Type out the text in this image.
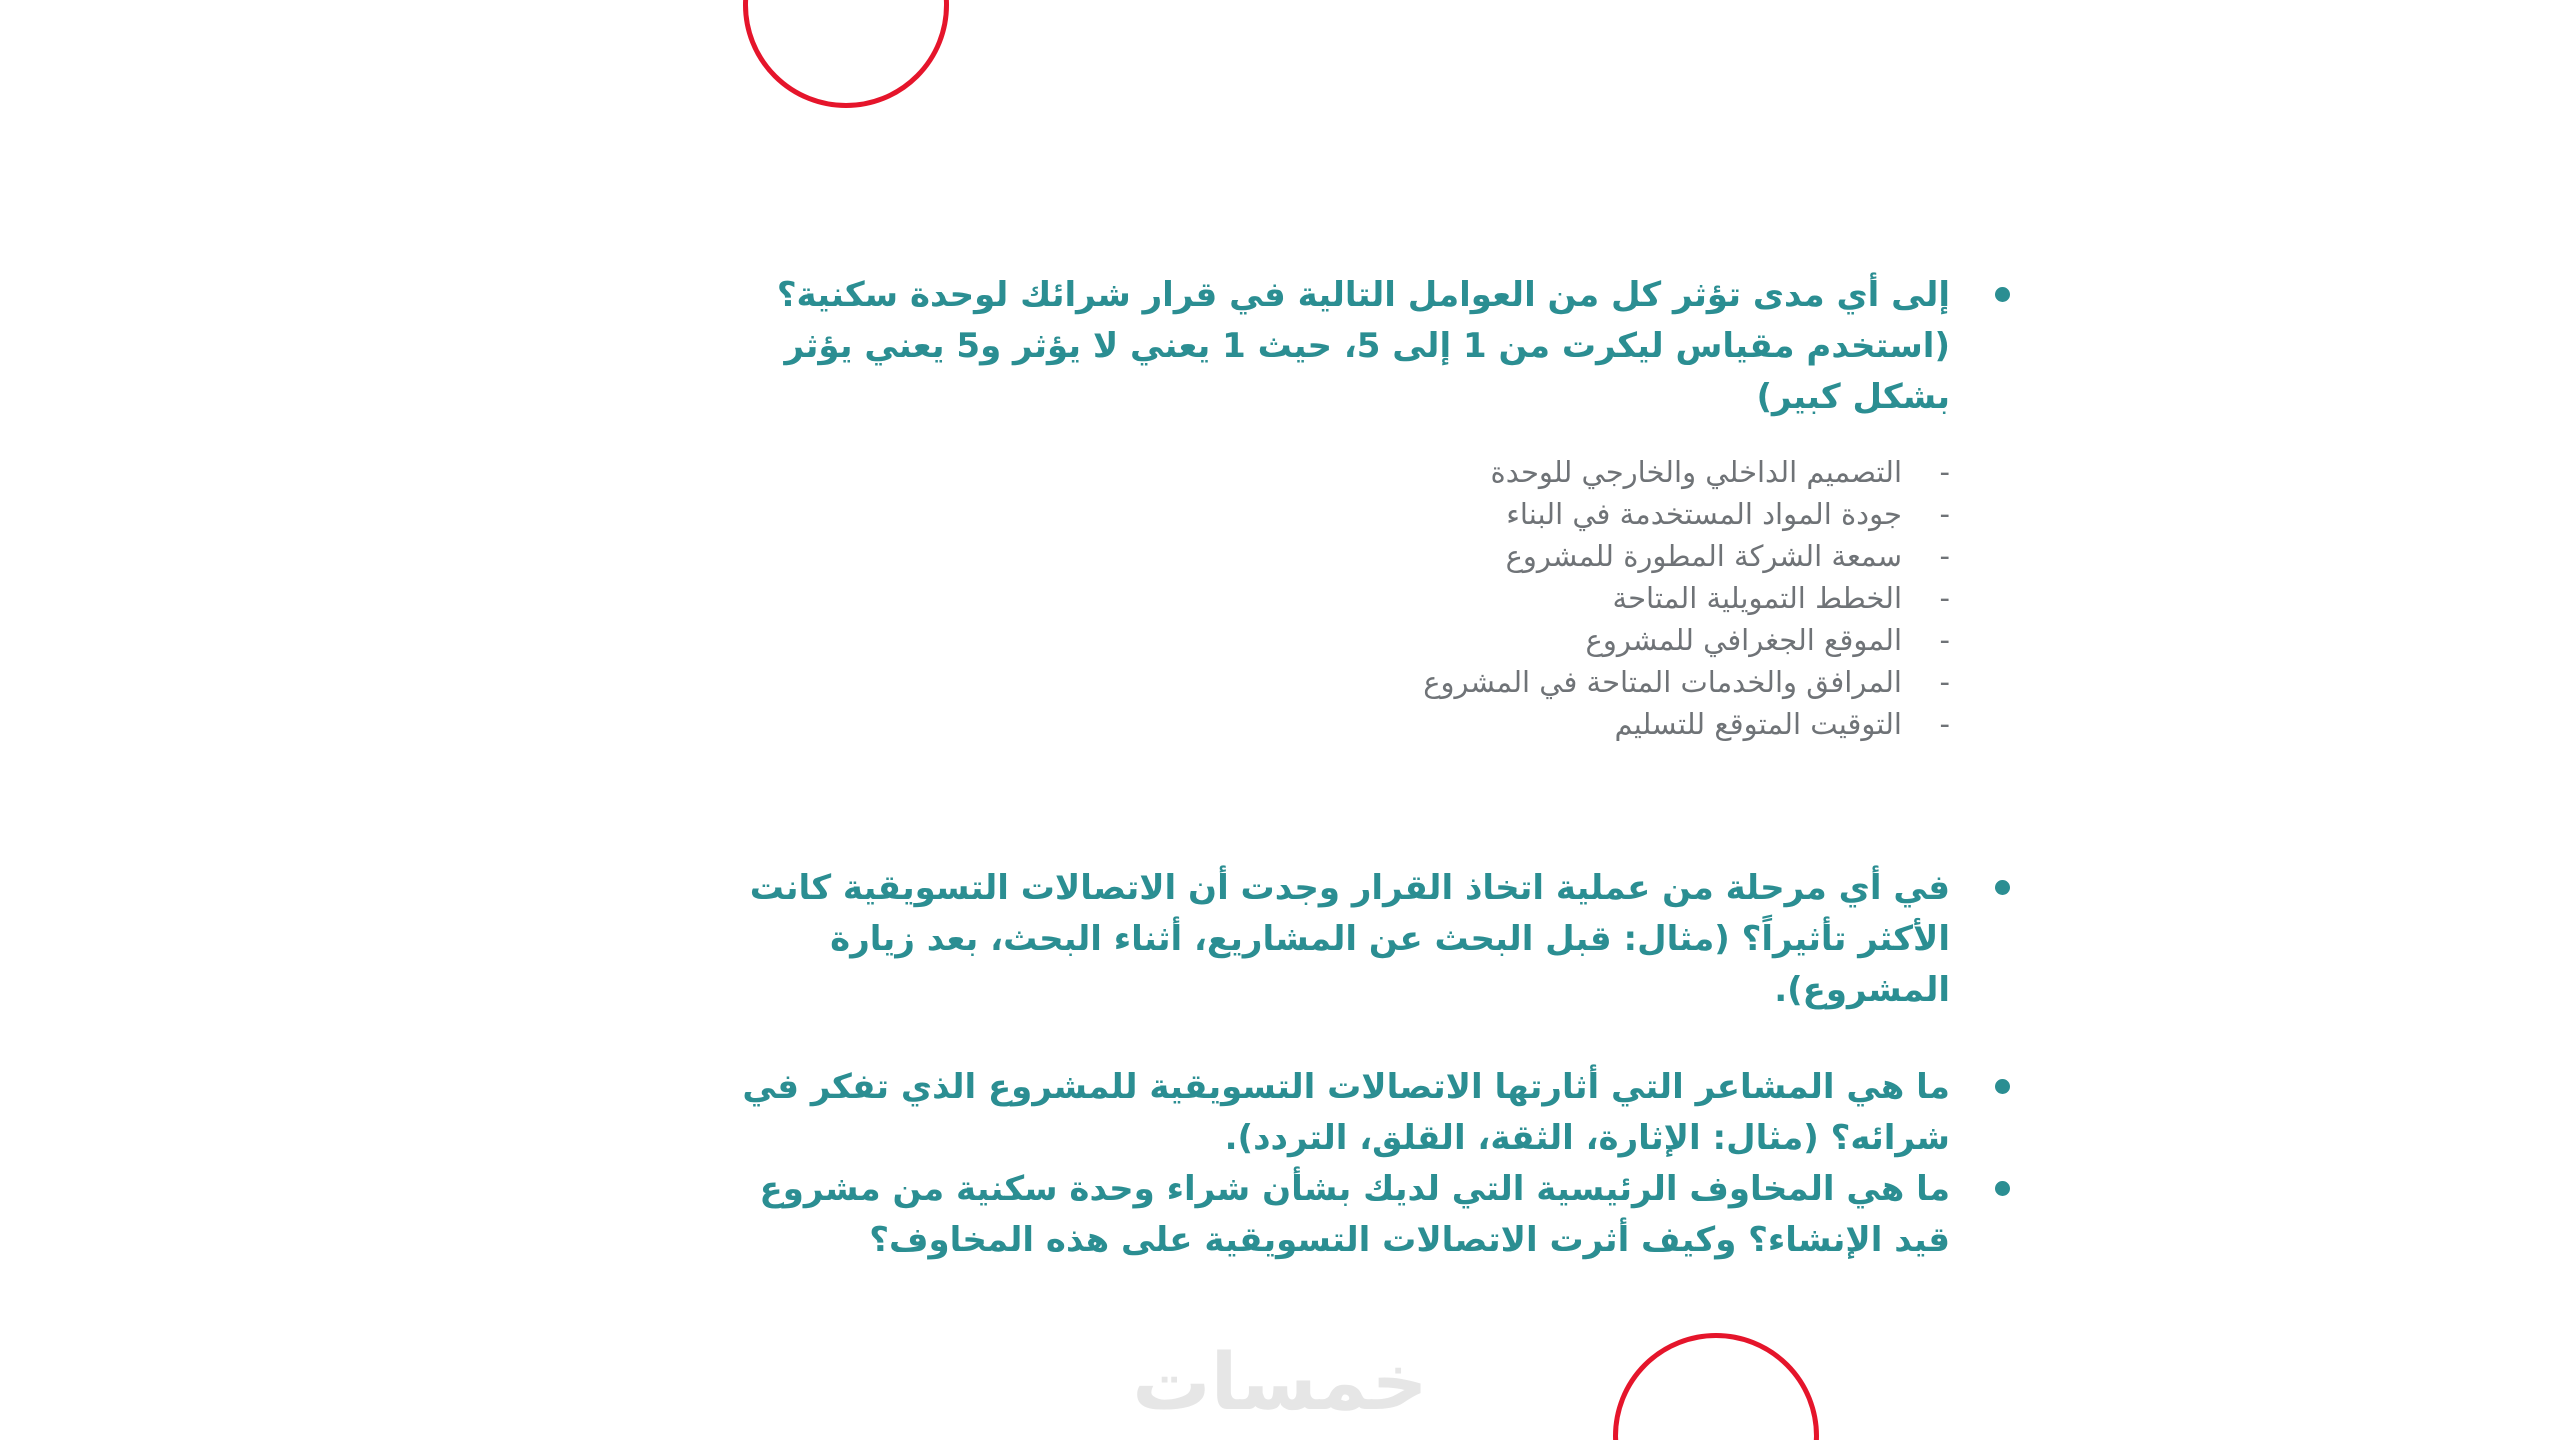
إلى أي مدى تؤثر كل من العوامل التالية في قرار شرائك لوحدة سكنية؟ (استخدم مقياس ليكرت من 1 إلى 5، حيث 1 يعني لا يؤثر و5 يعني يؤثر بشكل كبير)
-
التصميم الداخلي والخارجي للوحدة
-
جودة المواد المستخدمة في البناء
-
سمعة الشركة المطورة للمشروع
-
الخطط التمويلية المتاحة
-
الموقع الجغرافي للمشروع
-
المرافق والخدمات المتاحة في المشروع
-
التوقيت المتوقع للتسليم
في أي مرحلة من عملية اتخاذ القرار وجدت أن الاتصالات التسويقية كانت الأكثر تأثيراً؟ (مثال: قبل البحث عن المشاريع، أثناء البحث، بعد زيارة المشروع).
ما هي المشاعر التي أثارتها الاتصالات التسويقية للمشروع الذي تفكر في شرائه؟ (مثال: الإثارة، الثقة، القلق، التردد).
ما هي المخاوف الرئيسية التي لديك بشأن شراء وحدة سكنية من مشروع قيد الإنشاء؟ وكيف أثرت الاتصالات التسويقية على هذه المخاوف؟
خمسات
